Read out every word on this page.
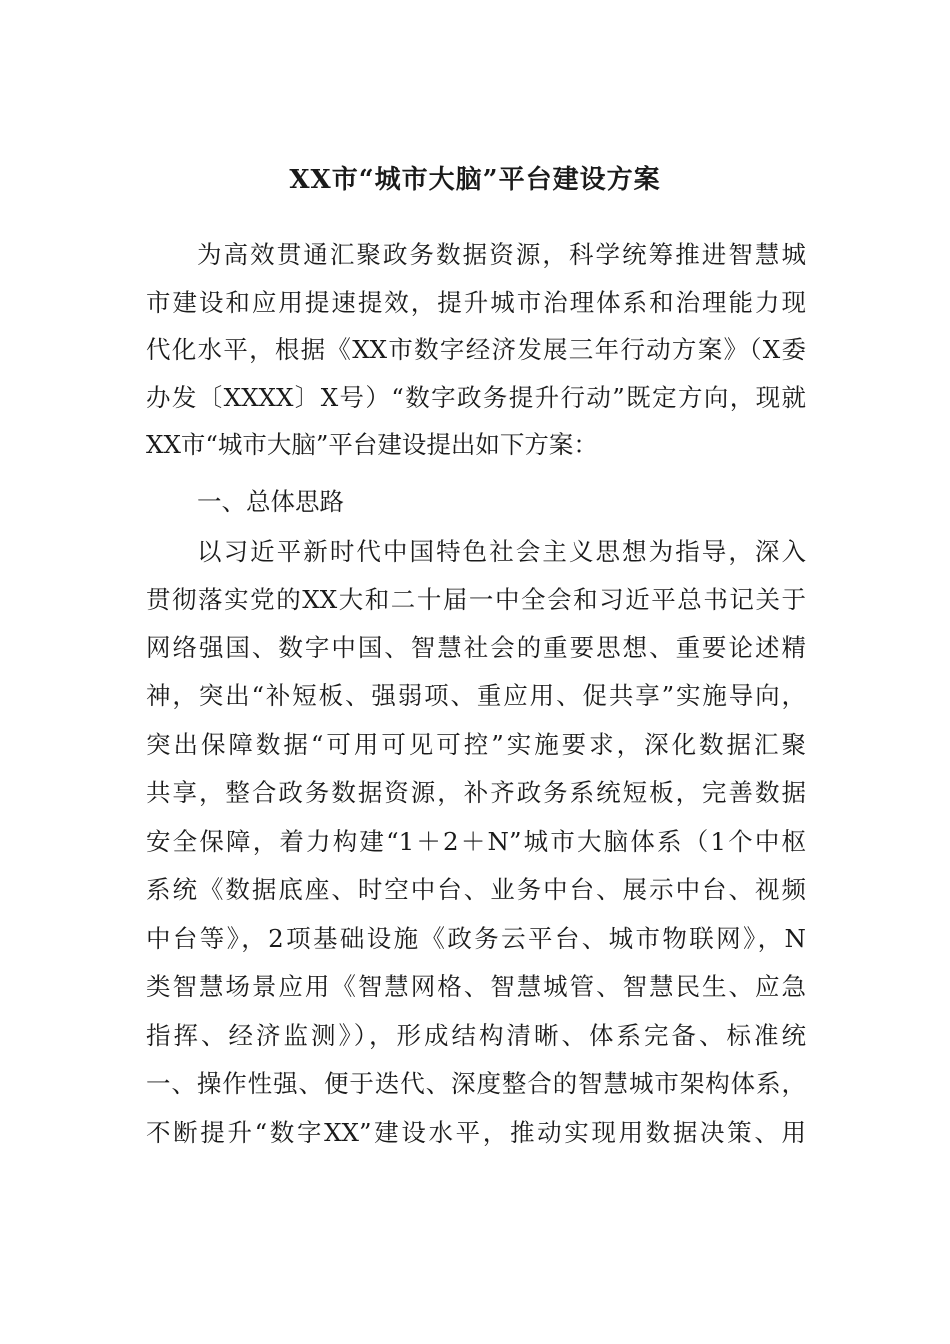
XX市“城市大脑”平台建设方案

为高效贯通汇聚政务数据资源，科学统筹推进智慧城

市建设和应用提速提效，提升城市治理体系和治理能力现

代化水平，根据《XX市数字经济发展三年行动方案》（X委

办发〔XXXX〕X号）“数字政务提升行动”既定方向，现就

XX市“城市大脑”平台建设提出如下方案：

一、总体思路

以习近平新时代中国特色社会主义思想为指导，深入

贯彻落实党的XX大和二十届一中全会和习近平总书记关于

网络强国、数字中国、智慧社会的重要思想、重要论述精

神，突出“补短板、强弱项、重应用、促共享”实施导向，

突出保障数据“可用可见可控”实施要求，深化数据汇聚

共享，整合政务数据资源，补齐政务系统短板，完善数据

安全保障，着力构建“1＋2＋N”城市大脑体系（1个中枢

系统《数据底座、时空中台、业务中台、展示中台、视频

中台等》，2项基础设施《政务云平台、城市物联网》，N

类智慧场景应用《智慧网格、智慧城管、智慧民生、应急

指挥、经济监测》），形成结构清晰、体系完备、标准统

一、操作性强、便于迭代、深度整合的智慧城市架构体系，

不断提升“数字XX”建设水平，推动实现用数据决策、用
